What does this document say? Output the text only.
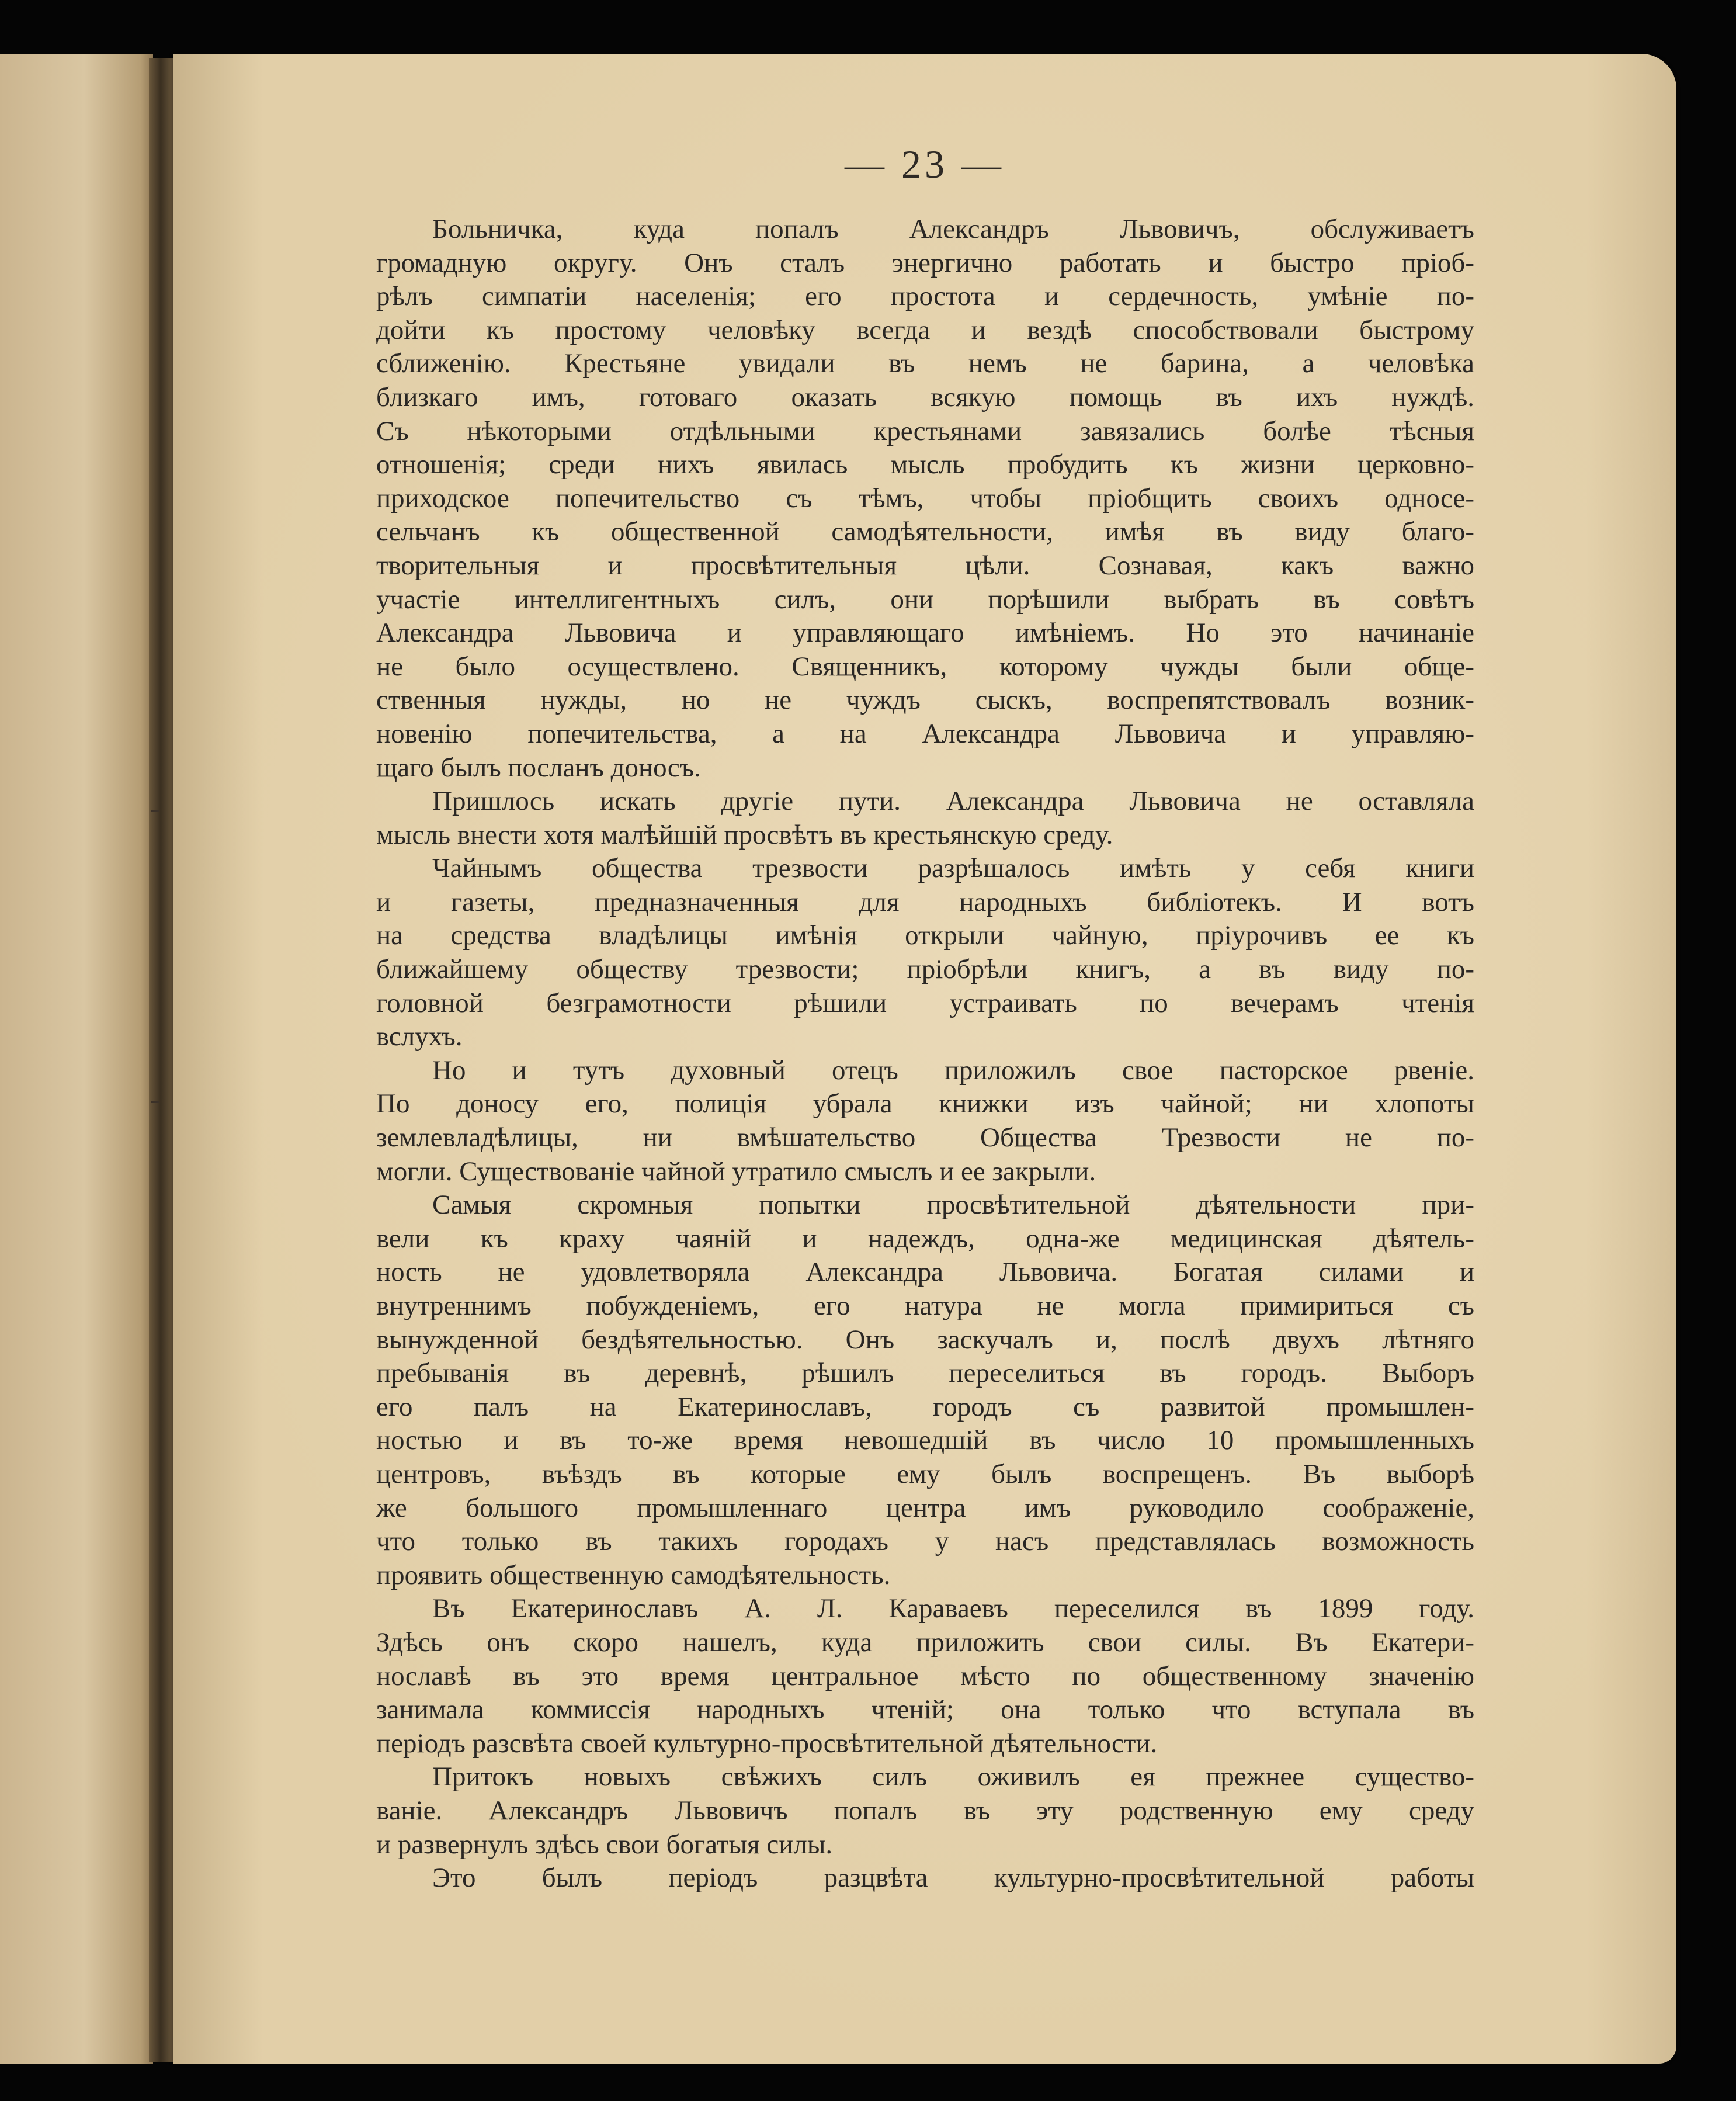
— 23 —
Больничка, куда попалъ Александръ Львовичъ, обслуживаетъ
громадную округу. Онъ сталъ энергично работать и быстро пріоб-
рѣлъ симпатіи населенія; его простота и сердечность, умѣніе по-
дойти къ простому человѣку всегда и вездѣ способствовали быстрому
сближенію. Крестьяне увидали въ немъ не барина, а человѣка
близкаго имъ, готоваго оказать всякую помощь въ ихъ нуждѣ.
Съ нѣкоторыми отдѣльными крестьянами завязались болѣе тѣсныя
отношенія; среди нихъ явилась мысль пробудить къ жизни церковно-
приходское попечительство съ тѣмъ, чтобы пріобщить своихъ односе-
сельчанъ къ общественной самодѣятельности, имѣя въ виду благо-
творительныя и просвѣтительныя цѣли. Сознавая, какъ важно
участіе интеллигентныхъ силъ, они порѣшили выбрать въ совѣтъ
Александра Львовича и управляющаго имѣніемъ. Но это начинаніе
не было осуществлено. Священникъ, которому чужды были обще-
ственныя нужды, но не чуждъ сыскъ, воспрепятствовалъ возник-
новенію попечительства, а на Александра Львовича и управляю-
щаго былъ посланъ доносъ.
Пришлось искать другіе пути. Александра Львовича не оставляла
мысль внести хотя малѣйшій просвѣтъ въ крестьянскую среду.
Чайнымъ общества трезвости разрѣшалось имѣть у себя книги
и газеты, предназначенныя для народныхъ библіотекъ. И вотъ
на средства владѣлицы имѣнія открыли чайную, пріурочивъ ее къ
ближайшему обществу трезвости; пріобрѣли книгъ, а въ виду по-
головной безграмотности рѣшили устраивать по вечерамъ чтенія
вслухъ.
Но и тутъ духовный отецъ приложилъ свое пасторское рвеніе.
По доносу его, полиція убрала книжки изъ чайной; ни хлопоты
землевладѣлицы, ни вмѣшательство Общества Трезвости не по-
могли. Существованіе чайной утратило смыслъ и ее закрыли.
Самыя скромныя попытки просвѣтительной дѣятельности при-
вели къ краху чаяній и надеждъ, одна-же медицинская дѣятель-
ность не удовлетворяла Александра Львовича. Богатая силами и
внутреннимъ побужденіемъ, его натура не могла примириться съ
вынужденной бездѣятельностью. Онъ заскучалъ и, послѣ двухъ лѣтняго
пребыванія въ деревнѣ, рѣшилъ переселиться въ городъ. Выборъ
его палъ на Екатеринославъ, городъ съ развитой промышлен-
ностью и въ то-же время невошедшій въ число 10 промышленныхъ
центровъ, въѣздъ въ которые ему былъ воспрещенъ. Въ выборѣ
же большого промышленнаго центра имъ руководило соображеніе,
что только въ такихъ городахъ у насъ представлялась возможность
проявить общественную самодѣятельность.
Въ Екатеринославъ А. Л. Караваевъ переселился въ 1899 году.
Здѣсь онъ скоро нашелъ, куда приложить свои силы. Въ Екатери-
нославѣ въ это время центральное мѣсто по общественному значенію
занимала коммиссія народныхъ чтеній; она только что вступала въ
періодъ разсвѣта своей культурно-просвѣтительной дѣятельности.
Притокъ новыхъ свѣжихъ силъ оживилъ ея прежнее существо-
ваніе. Александръ Львовичъ попалъ въ эту родственную ему среду
и развернулъ здѣсь свои богатыя силы.
Это былъ періодъ разцвѣта культурно-просвѣтительной работы
